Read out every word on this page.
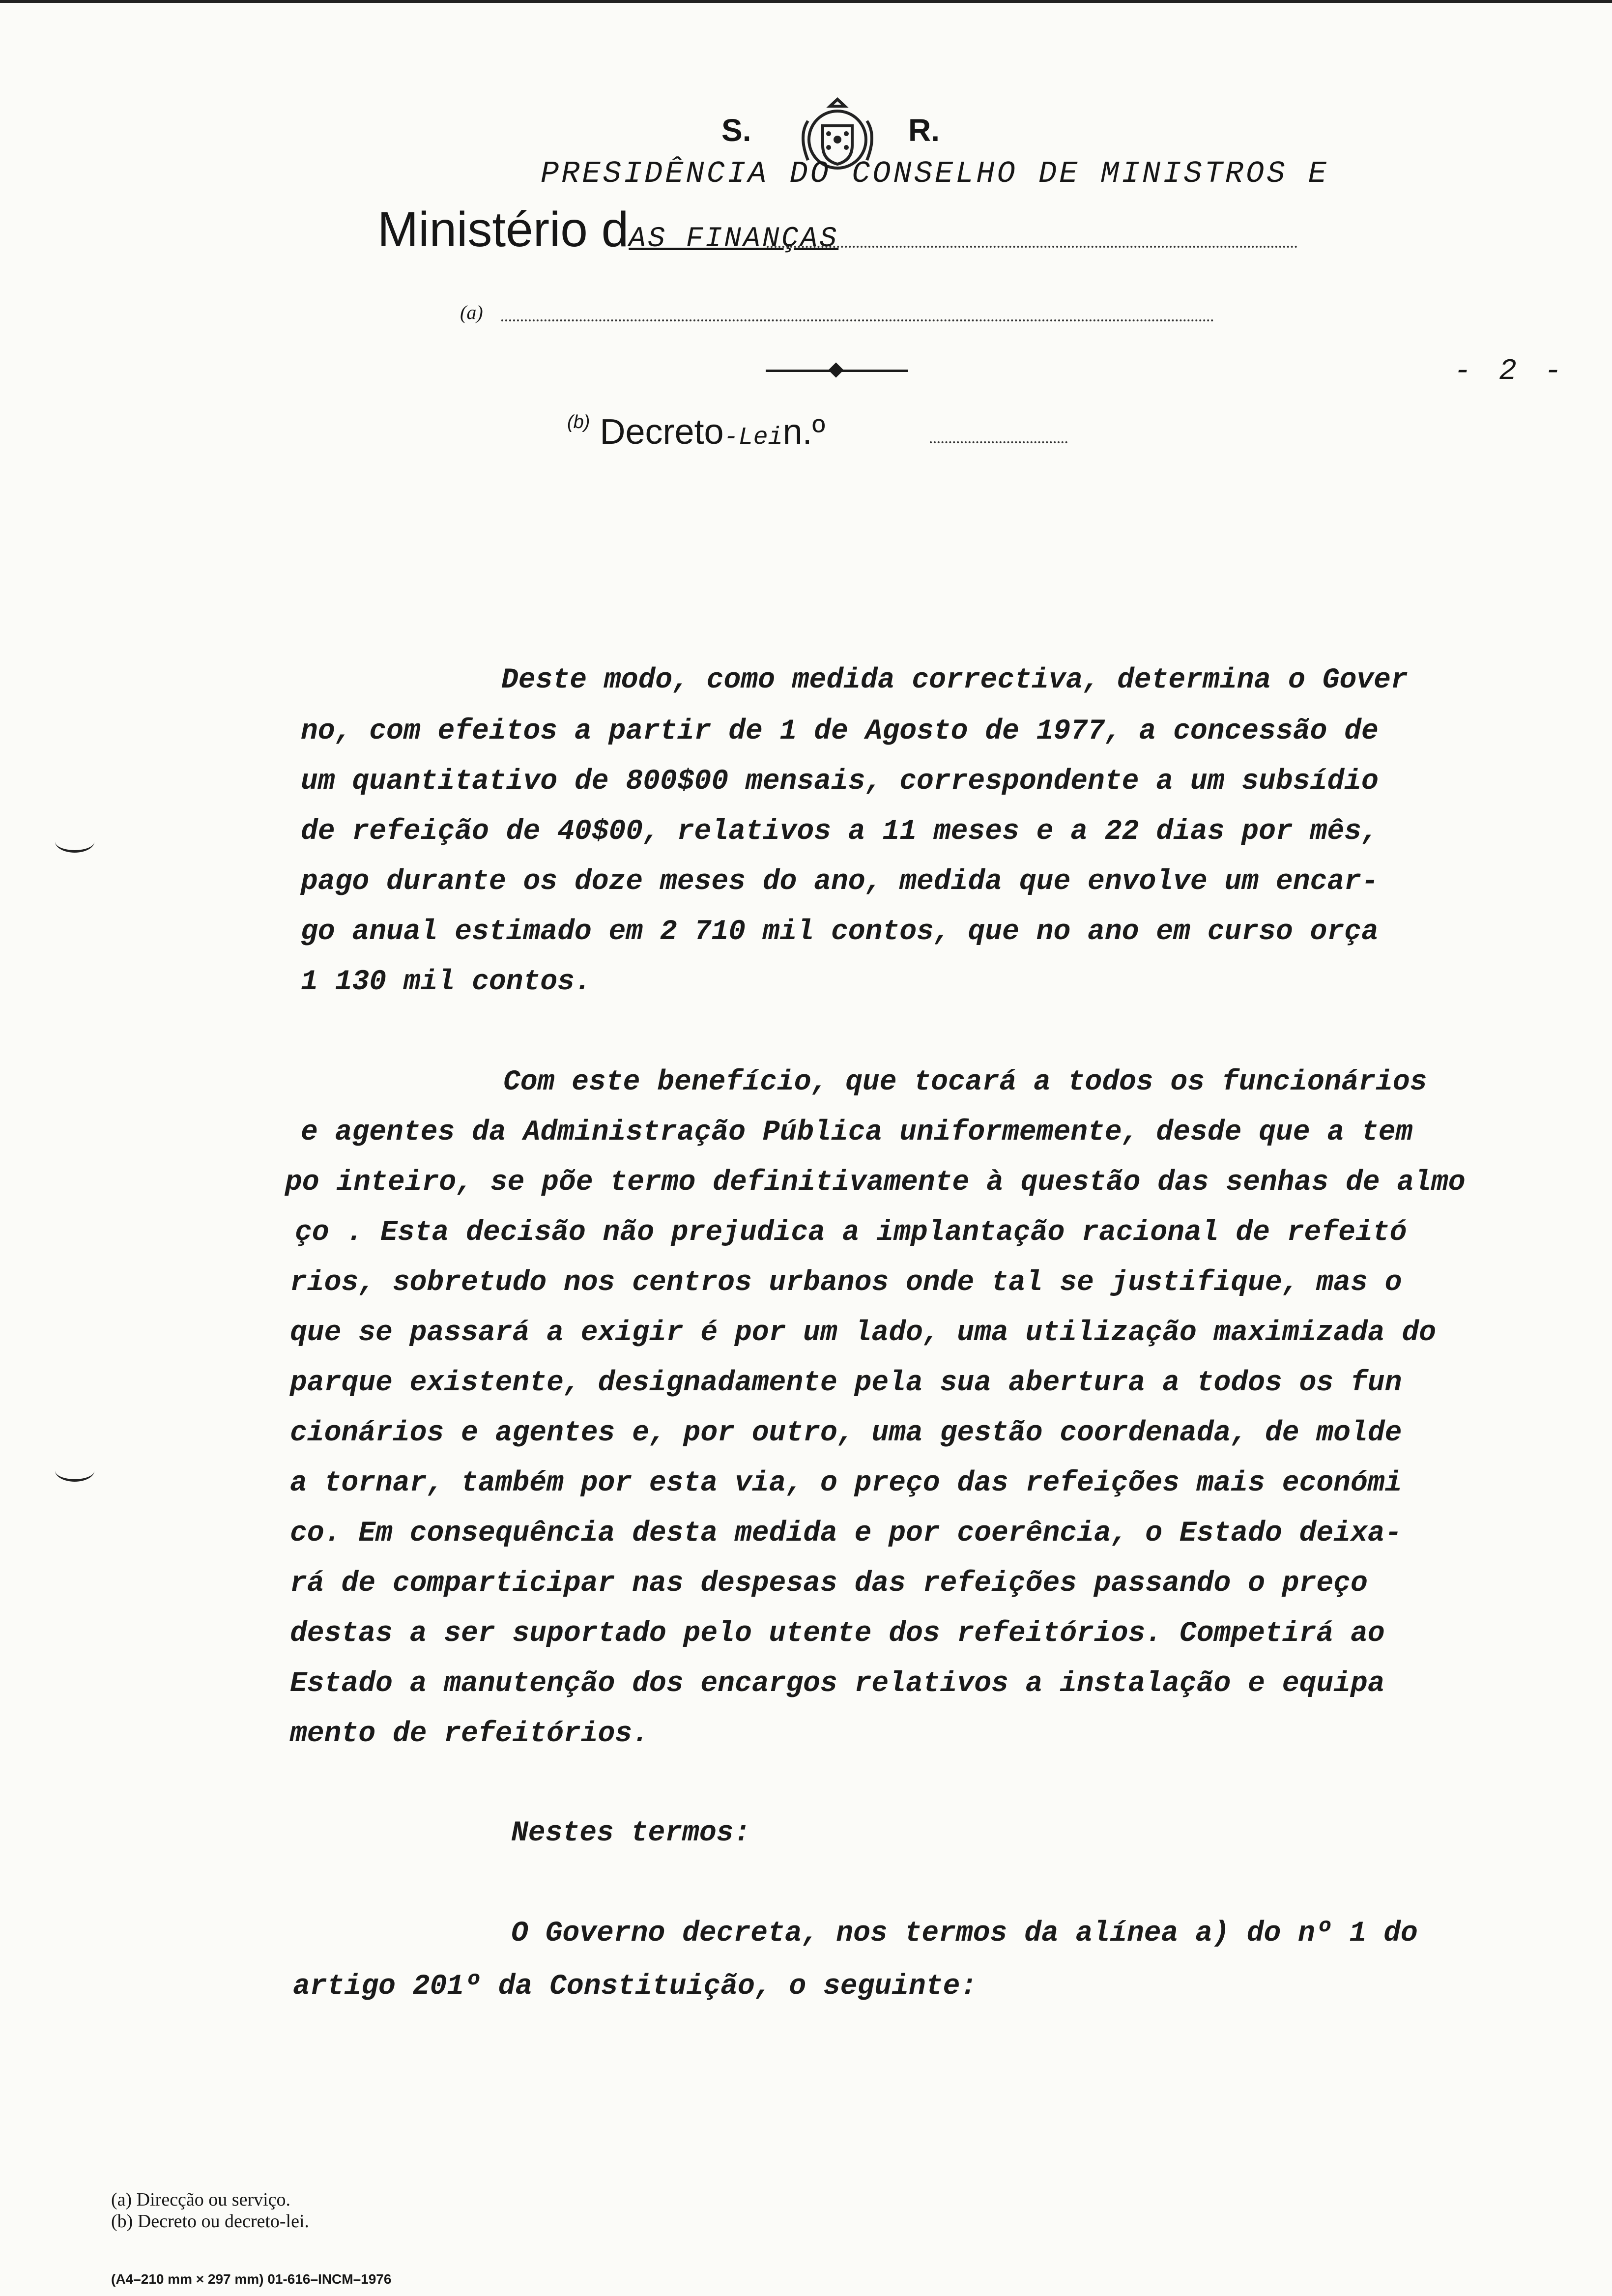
S.	R.
PRESIDÊNCIA DO CONSELHO DE MINISTROS E
Ministério dAS FINANÇAS
(a)
- 2 -
$^{(b)}$ Decreto-Lein.º
Deste modo, como medida correctiva, determina o Gover
no, com efeitos a partir de 1 de Agosto de 1977, a concessão de
um quantitativo de 800$00 mensais, correspondente a um subsídio
de refeição de 40$00, relativos a 11 meses e a 22 dias por mês,
pago durante os doze meses do ano, medida que envolve um encar-
go anual estimado em 2 710 mil contos, que no ano em curso orça
1 130 mil contos.
Com este benefício, que tocará a todos os funcionários
e agentes da Administração Pública uniformemente, desde que a tem
po inteiro, se põe termo definitivamente à questão das senhas de almo
ço . Esta decisão não prejudica a implantação racional de refeitó
rios, sobretudo nos centros urbanos onde tal se justifique, mas o
que se passará a exigir é por um lado, uma utilização maximizada do
parque existente, designadamente pela sua abertura a todos os fun
cionários e agentes e, por outro, uma gestão coordenada, de molde
a tornar, também por esta via, o preço das refeições mais económi
co. Em consequência desta medida e por coerência, o Estado deixa-
rá de comparticipar nas despesas das refeições passando o preço
destas a ser suportado pelo utente dos refeitórios. Competirá ao
Estado a manutenção dos encargos relativos a instalação e equipa
mento de refeitórios.
Nestes termos:
O Governo decreta, nos termos da alínea a) do nº 1 do
artigo 201º da Constituição, o seguinte:
(a) Direcção ou serviço.
(b) Decreto ou decreto-lei.
(A4–210 mm × 297 mm) 01-616–INCM–1976
